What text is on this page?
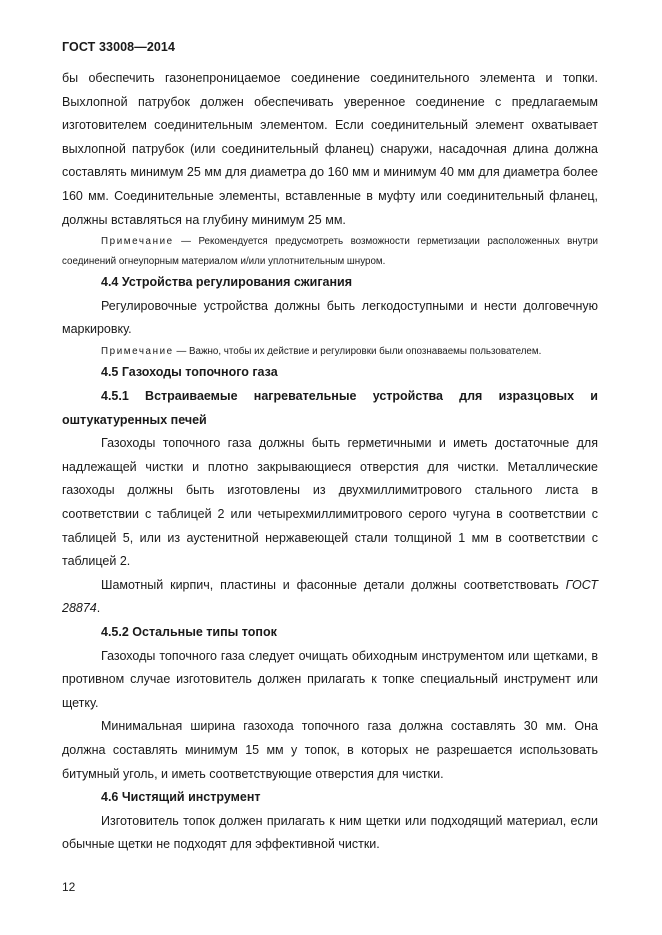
ГОСТ 33008—2014

бы обеспечить газонепроницаемое соединение соединительного элемента и топки. Выхлопной патрубок должен обеспечивать уверенное соединение с предлагаемым изготовителем соединительным элементом. Если соединительный элемент охватывает выхлопной патрубок (или соединительный фланец) снаружи, насадочная длина должна составлять минимум 25 мм для диаметра до 160 мм и минимум 40 мм для диаметра более 160 мм. Соединительные элементы, вставленные в муфту или соединительный фланец, должны вставляться на глубину минимум 25 мм.

Примечание — Рекомендуется предусмотреть возможности герметизации расположенных внутри соединений огнеупорным материалом и/или уплотнительным шнуром.

4.4 Устройства регулирования сжигания

Регулировочные устройства должны быть легкодоступными и нести долговечную маркировку.

Примечание — Важно, чтобы их действие и регулировки были опознаваемы пользователем.

4.5 Газоходы топочного газа

4.5.1 Встраиваемые нагревательные устройства для изразцовых и оштукатуренных печей

Газоходы топочного газа должны быть герметичными и иметь достаточные для надлежащей чистки и плотно закрывающиеся отверстия для чистки. Металлические газоходы должны быть изготовлены из двухмиллимитрового стального листа в соответствии с таблицей 2 или четырехмиллимитрового серого чугуна в соответствии с таблицей 5, или из аустенитной нержавеющей стали толщиной 1 мм в соответствии с таблицей 2.

Шамотный кирпич, пластины и фасонные детали должны соответствовать ГОСТ 28874.

4.5.2 Остальные типы топок

Газоходы топочного газа следует очищать обиходным инструментом или щетками, в противном случае изготовитель должен прилагать к топке специальный инструмент или щетку.

Минимальная ширина газохода топочного газа должна составлять 30 мм. Она должна составлять минимум 15 мм у топок, в которых не разрешается использовать битумный уголь, и иметь соответствующие отверстия для чистки.

4.6 Чистящий инструмент

Изготовитель топок должен прилагать к ним щетки или подходящий материал, если обычные щетки не подходят для эффективной чистки.

12
